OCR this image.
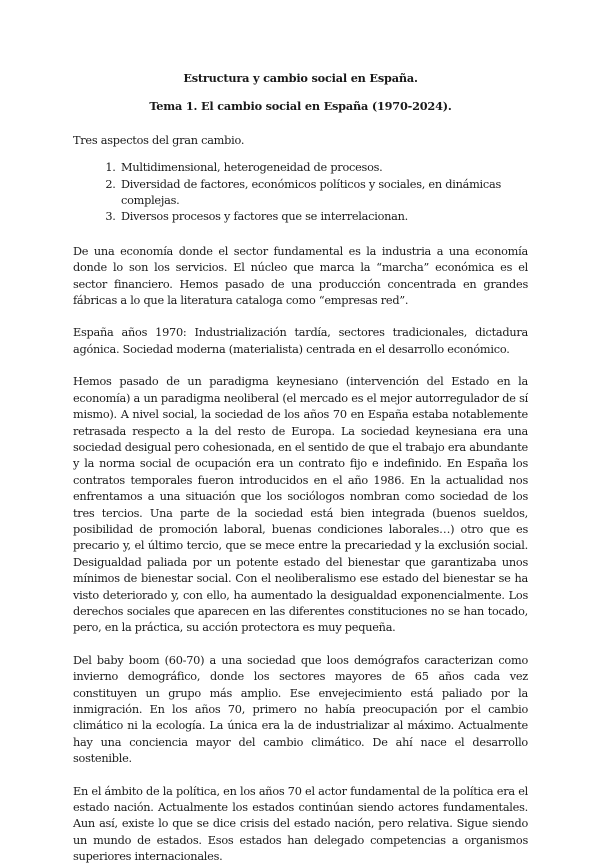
Estructura y cambio social en España.
Tema 1. El cambio social en España (1970-2024).

Tres aspectos del gran cambio.

1. Multidimensional, heterogeneidad de procesos.
2. Diversidad de factores, económicos políticos y sociales, en dinámicas complejas.
3. Diversos procesos y factores que se interrelacionan.

De una economía donde el sector fundamental es la industria a una economía donde lo son los servicios. El núcleo que marca la “marcha” económica es el sector financiero. Hemos pasado de una producción concentrada en grandes fábricas a lo que la literatura cataloga como “empresas red”.

España años 1970: Industrialización tardía, sectores tradicionales, dictadura agónica. Sociedad moderna (materialista) centrada en el desarrollo económico.

Hemos pasado de un paradigma keynesiano (intervención del Estado en la economía) a un paradigma neoliberal (el mercado es el mejor autorregulador de sí mismo). A nivel social, la sociedad de los años 70 en España estaba notablemente retrasada respecto a la del resto de Europa. La sociedad keynesiana era una sociedad desigual pero cohesionada, en el sentido de que el trabajo era abundante y la norma social de ocupación era un contrato fijo e indefinido. En España los contratos temporales fueron introducidos en el año 1986. En la actualidad nos enfrentamos a una situación que los sociólogos nombran como sociedad de los tres tercios. Una parte de la sociedad está bien integrada (buenos sueldos, posibilidad de promoción laboral, buenas condiciones laborales…) otro que es precario y, el último tercio, que se mece entre la precariedad y la exclusión social. Desigualdad paliada por un potente estado del bienestar que garantizaba unos mínimos de bienestar social. Con el neoliberalismo ese estado del bienestar se ha visto deteriorado y, con ello, ha aumentado la desigualdad exponencialmente. Los derechos sociales que aparecen en las diferentes constituciones no se han tocado, pero, en la práctica, su acción protectora es muy pequeña.

Del baby boom (60-70) a una sociedad que loos demógrafos caracterizan como invierno demográfico, donde los sectores mayores de 65 años cada vez constituyen un grupo más amplio. Ese envejecimiento está paliado por la inmigración. En los años 70, primero no había preocupación por el cambio climático ni la ecología. La única era la de industrializar al máximo. Actualmente hay una conciencia mayor del cambio climático. De ahí nace el desarrollo sostenible.

En el ámbito de la política, en los años 70 el actor fundamental de la política era el estado nación. Actualmente los estados continúan siendo actores fundamentales. Aun así, existe lo que se dice crisis del estado nación, pero relativa. Sigue siendo un mundo de estados. Esos estados han delegado competencias a organismos superiores internacionales.
